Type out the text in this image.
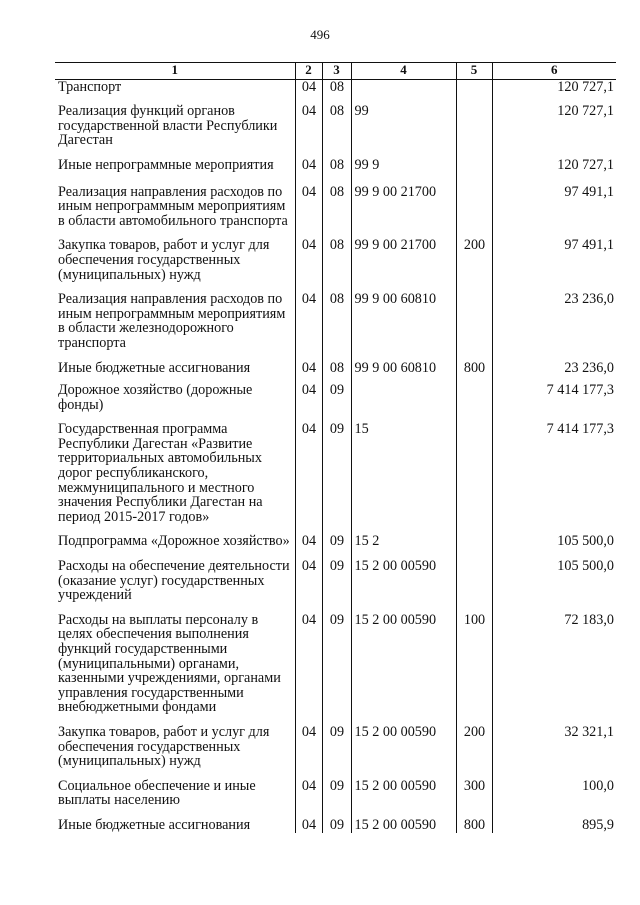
496
1	2	3	4	5	6
Транспорт	04	08			120 727,1
Реализация функций органов государственной власти Республики Дагестан	04	08	99		120 727,1
Иные непрограммные мероприятия	04	08	99 9		120 727,1
Реализация направления расходов по иным непрограммным мероприятиям в области автомобильного транспорта	04	08	99 9 00 21700		97 491,1
Закупка товаров, работ и услуг для обеспечения государственных (муниципальных) нужд	04	08	99 9 00 21700	200	97 491,1
Реализация направления расходов по иным непрограммным мероприятиям в области железнодорожного транспорта	04	08	99 9 00 60810		23 236,0
Иные бюджетные ассигнования	04	08	99 9 00 60810	800	23 236,0
Дорожное хозяйство (дорожные фонды)	04	09			7 414 177,3
Государственная программа Республики Дагестан «Развитие территориальных автомобильных дорог республиканского, межмуниципального и местного значения Республики Дагестан на период 2015-2017 годов»	04	09	15		7 414 177,3
Подпрограмма «Дорожное хозяйство»	04	09	15 2		105 500,0
Расходы на обеспечение деятельности (оказание услуг) государственных учреждений	04	09	15 2 00 00590		105 500,0
Расходы на выплаты персоналу в целях обеспечения выполнения функций государственными (муниципальными) органами, казенными учреждениями, органами управления государственными внебюджетными фондами	04	09	15 2 00 00590	100	72 183,0
Закупка товаров, работ и услуг для обеспечения государственных (муниципальных) нужд	04	09	15 2 00 00590	200	32 321,1
Социальное обеспечение и иные выплаты населению	04	09	15 2 00 00590	300	100,0
Иные бюджетные ассигнования	04	09	15 2 00 00590	800	895,9
